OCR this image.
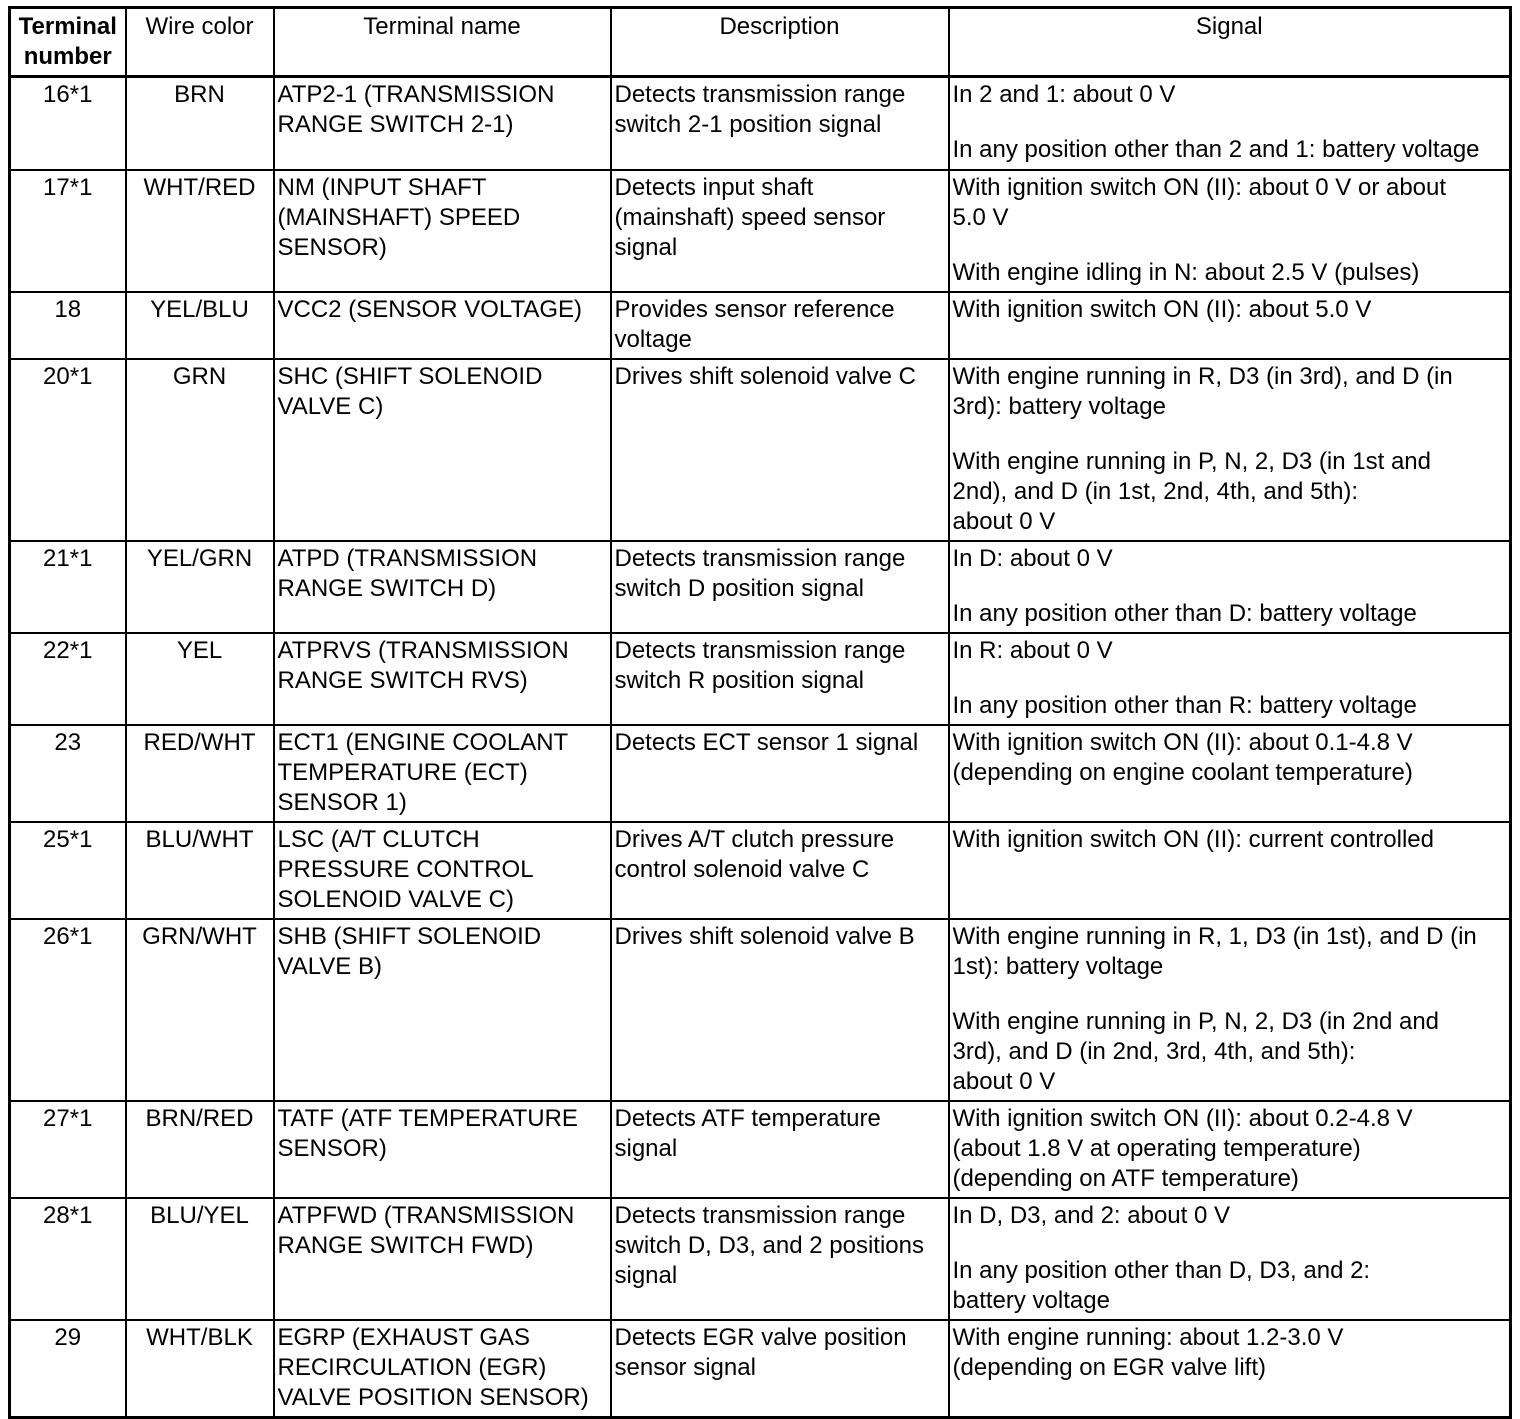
Terminal
number	Wire color	Terminal name	Description	Signal
16*1	BRN	ATP2-1 (TRANSMISSION
RANGE SWITCH 2-1)	Detects transmission range
switch 2-1 position signal	In 2 and 1: about 0 V
In any position other than 2 and 1: battery voltage

17*1	WHT/RED	NM (INPUT SHAFT
(MAINSHAFT) SPEED
SENSOR)	Detects input shaft
(mainshaft) speed sensor
signal	With ignition switch ON (II): about 0 V or about
5.0 V
With engine idling in N: about 2.5 V (pulses)

18	YEL/BLU	VCC2 (SENSOR VOLTAGE)	Provides sensor reference
voltage	With ignition switch ON (II): about 5.0 V

20*1	GRN	SHC (SHIFT SOLENOID
VALVE C)	Drives shift solenoid valve C	With engine running in R, D3 (in 3rd), and D (in
3rd): battery voltage
With engine running in P, N, 2, D3 (in 1st and
2nd), and D (in 1st, 2nd, 4th, and 5th):
about 0 V

21*1	YEL/GRN	ATPD (TRANSMISSION
RANGE SWITCH D)	Detects transmission range
switch D position signal	In D: about 0 V
In any position other than D: battery voltage

22*1	YEL	ATPRVS (TRANSMISSION
RANGE SWITCH RVS)	Detects transmission range
switch R position signal	In R: about 0 V
In any position other than R: battery voltage

23	RED/WHT	ECT1 (ENGINE COOLANT
TEMPERATURE (ECT)
SENSOR 1)	Detects ECT sensor 1 signal	With ignition switch ON (II): about 0.1-4.8 V
(depending on engine coolant temperature)

25*1	BLU/WHT	LSC (A/T CLUTCH
PRESSURE CONTROL
SOLENOID VALVE C)	Drives A/T clutch pressure
control solenoid valve C	With ignition switch ON (II): current controlled

26*1	GRN/WHT	SHB (SHIFT SOLENOID
VALVE B)	Drives shift solenoid valve B	With engine running in R, 1, D3 (in 1st), and D (in
1st): battery voltage
With engine running in P, N, 2, D3 (in 2nd and
3rd), and D (in 2nd, 3rd, 4th, and 5th):
about 0 V

27*1	BRN/RED	TATF (ATF TEMPERATURE
SENSOR)	Detects ATF temperature
signal	With ignition switch ON (II): about 0.2-4.8 V
(about 1.8 V at operating temperature)
(depending on ATF temperature)

28*1	BLU/YEL	ATPFWD (TRANSMISSION
RANGE SWITCH FWD)	Detects transmission range
switch D, D3, and 2 positions
signal	In D, D3, and 2: about 0 V
In any position other than D, D3, and 2:
battery voltage

29	WHT/BLK	EGRP (EXHAUST GAS
RECIRCULATION (EGR)
VALVE POSITION SENSOR)	Detects EGR valve position
sensor signal	With engine running: about 1.2-3.0 V
(depending on EGR valve lift)
